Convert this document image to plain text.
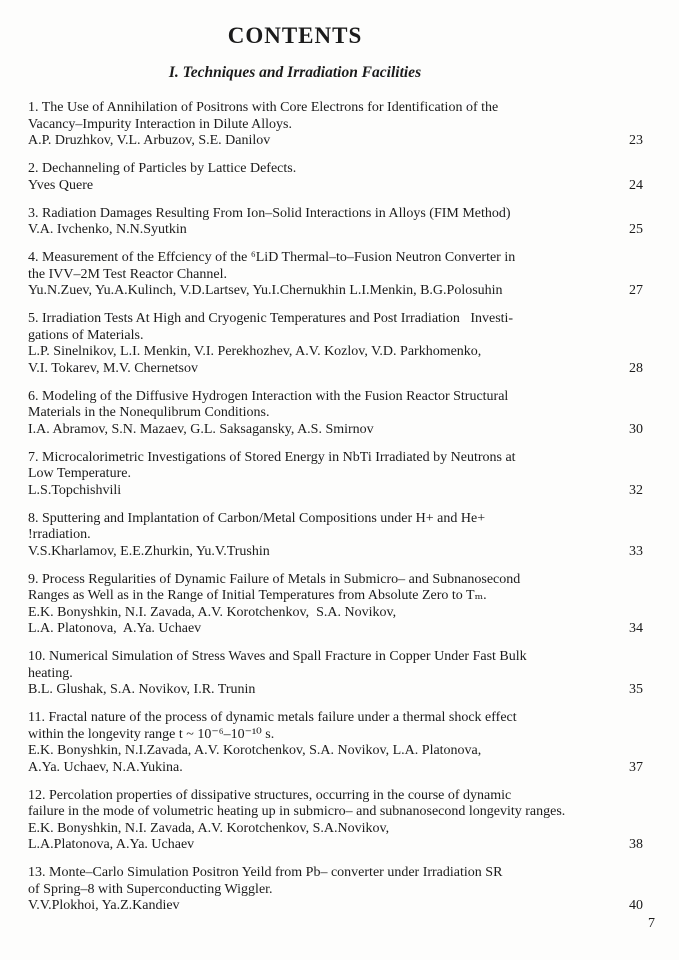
CONTENTS
I. Techniques and Irradiation Facilities
1. The Use of Annihilation of Positrons with Core Electrons for Identification of the
Vacancy–Impurity Interaction in Dilute Alloys.
A.P. Druzhkov, V.L. Arbuzov, S.E. Danilov	23
2. Dechanneling of Particles by Lattice Defects.
Yves Quere	24
3. Radiation Damages Resulting From Ion–Solid Interactions in Alloys (FIM Method)
V.A. Ivchenko, N.N.Syutkin	25
4. Measurement of the Effciency of the ⁶LiD Thermal–to–Fusion Neutron Converter in
the IVV–2M Test Reactor Channel.
Yu.N.Zuev, Yu.A.Kulinch, V.D.Lartsev, Yu.I.Chernukhin L.I.Menkin, B.G.Polosuhin	27
5. Irradiation Tests At High and Cryogenic Temperatures and Post Irradiation   Investi-
gations of Materials.
L.P. Sinelnikov, L.I. Menkin, V.I. Perekhozhev, A.V. Kozlov, V.D. Parkhomenko,
V.I. Tokarev, M.V. Chernetsov	28
6. Modeling of the Diffusive Hydrogen Interaction with the Fusion Reactor Structural
Materials in the Nonequlibrum Conditions.
I.A. Abramov, S.N. Mazaev, G.L. Saksagansky, A.S. Smirnov	30
7. Microcalorimetric Investigations of Stored Energy in NbTi Irradiated by Neutrons at
Low Temperature.
L.S.Topchishvili	32
8. Sputtering and Implantation of Carbon/Metal Compositions under H+ and He+
!rradiation.
V.S.Kharlamov, E.E.Zhurkin, Yu.V.Trushin	33
9. Process Regularities of Dynamic Failure of Metals in Submicro– and Subnanosecond
Ranges as Well as in the Range of Initial Temperatures from Absolute Zero to Tₘ.
E.K. Bonyshkin, N.I. Zavada, A.V. Korotchenkov,  S.A. Novikov,
L.A. Platonova,  A.Ya. Uchaev	34
10. Numerical Simulation of Stress Waves and Spall Fracture in Copper Under Fast Bulk
heating.
B.L. Glushak, S.A. Novikov, I.R. Trunin	35
11. Fractal nature of the process of dynamic metals failure under a thermal shock effect
within the longevity range t ~ 10⁻⁶–10⁻¹⁰ s.
E.K. Bonyshkin, N.I.Zavada, A.V. Korotchenkov, S.A. Novikov, L.A. Platonova,
A.Ya. Uchaev, N.A.Yukina.	37
12. Percolation properties of dissipative structures, occurring in the course of dynamic
failure in the mode of volumetric heating up in submicro– and subnanosecond longevity ranges.
E.K. Bonyshkin, N.I. Zavada, A.V. Korotchenkov, S.A.Novikov,
L.A.Platonova, A.Ya. Uchaev	38
13. Monte–Carlo Simulation Positron Yeild from Pb– converter under Irradiation SR
of Spring–8 with Superconducting Wiggler.
V.V.Plokhoi, Ya.Z.Kandiev	40
7
